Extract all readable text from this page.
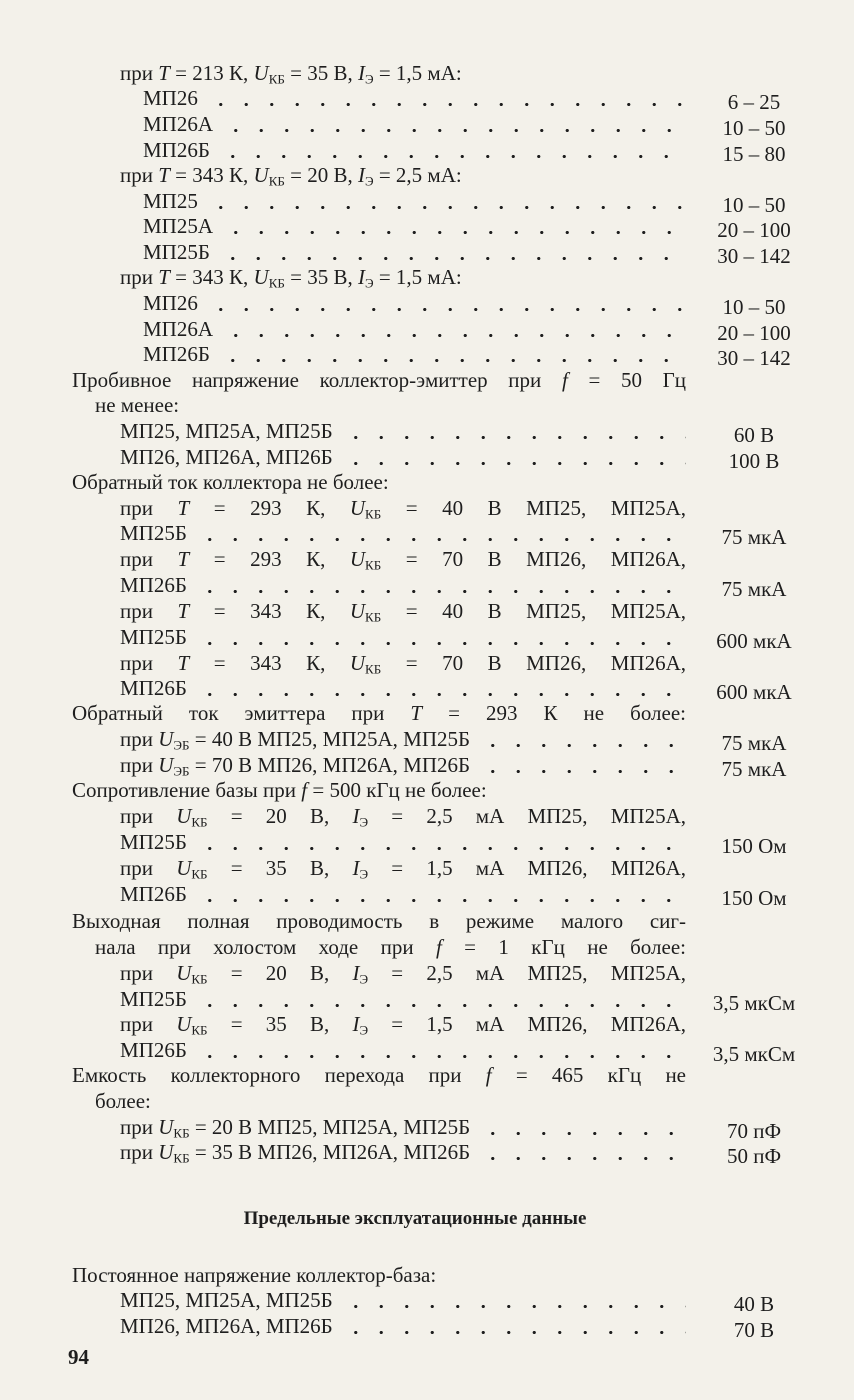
Предельные эксплуатационные данные
94
при T = 213 К, $U_{КБ} = 35$ В, $I_Э = 1,5$ мА:
МП26	6 – 25
МП26А	10 – 50
МП26Б	15 – 80
при T = 343 К, $U_{КБ} = 20$ В, $I_Э = 2,5$ мА:
МП25	10 – 50
МП25А	20 – 100
МП25Б	30 – 142
при T = 343 К, $U_{КБ} = 35$ В, $I_Э = 1,5$ мА:
МП26	10 – 50
МП26А	20 – 100
МП26Б	30 – 142
Пробивное напряжение коллектор-эмиттер при f = 50 Гц
не менее:
МП25, МП25А, МП25Б	60 В
МП26, МП26А, МП26Б	100 В
Обратный ток коллектора не более:
при T = 293 К, $U_{КБ} = 40$ В МП25, МП25А,
МП25Б	75 мкА
при T = 293 К, $U_{КБ} = 70$ В МП26, МП26А,
МП26Б	75 мкА
при T = 343 К, $U_{КБ} = 40$ В МП25, МП25А,
МП25Б	600 мкА
при T = 343 К, $U_{КБ} = 70$ В МП26, МП26А,
МП26Б	600 мкА
Обратный ток эмиттера при T = 293 К не более:
при $U_{ЭБ} = 40$ В МП25, МП25А, МП25Б	75 мкА
при $U_{ЭБ} = 70$ В МП26, МП26А, МП26Б	75 мкА
Сопротивление базы при f = 500 кГц не более:
при $U_{КБ} = 20$ В, $I_Э = 2,5$ мА МП25, МП25А,
МП25Б	150 Ом
при $U_{КБ} = 35$ В, $I_Э = 1,5$ мА МП26, МП26А,
МП26Б	150 Ом
Выходная полная проводимость в режиме малого сиг-
нала при холостом ходе при f = 1 кГц не более:
при $U_{КБ} = 20$ В, $I_Э = 2,5$ мА МП25, МП25А,
МП25Б	3,5 мкСм
при $U_{КБ} = 35$ В, $I_Э = 1,5$ мА МП26, МП26А,
МП26Б	3,5 мкСм
Емкость коллекторного перехода при f = 465 кГц не
более:
при $U_{КБ} = 20$ В МП25, МП25А, МП25Б	70 пФ
при $U_{КБ} = 35$ В МП26, МП26А, МП26Б	50 пФ
Постоянное напряжение коллектор-база:
МП25, МП25А, МП25Б	40 В
МП26, МП26А, МП26Б	70 В
